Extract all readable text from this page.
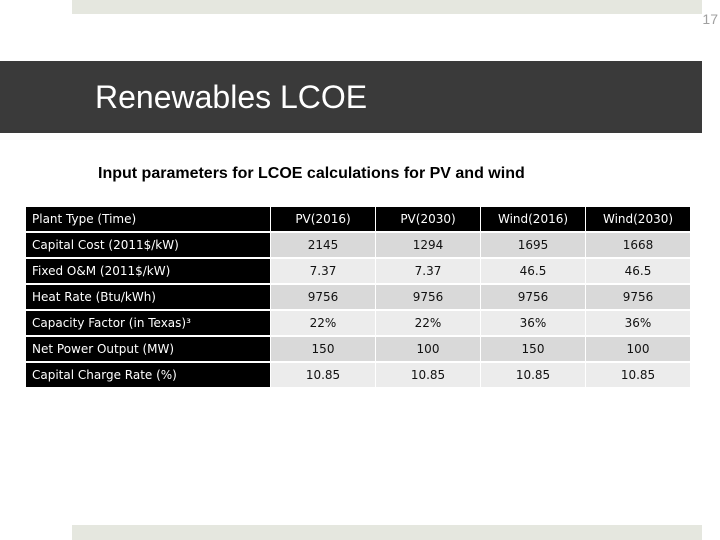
17
Renewables LCOE
Input parameters for LCOE calculations for PV and wind
Plant Type (Time)	PV(2016)	PV(2030)	Wind(2016)	Wind(2030)
Capital Cost (2011$/kW)	2145	1294	1695	1668
Fixed O&M (2011$/kW)	7.37	7.37	46.5	46.5
Heat Rate (Btu/kWh)	9756	9756	9756	9756
Capacity Factor (in Texas)³	22%	22%	36%	36%
Net Power Output (MW)	150	100	150	100
Capital Charge Rate (%)	10.85	10.85	10.85	10.85
